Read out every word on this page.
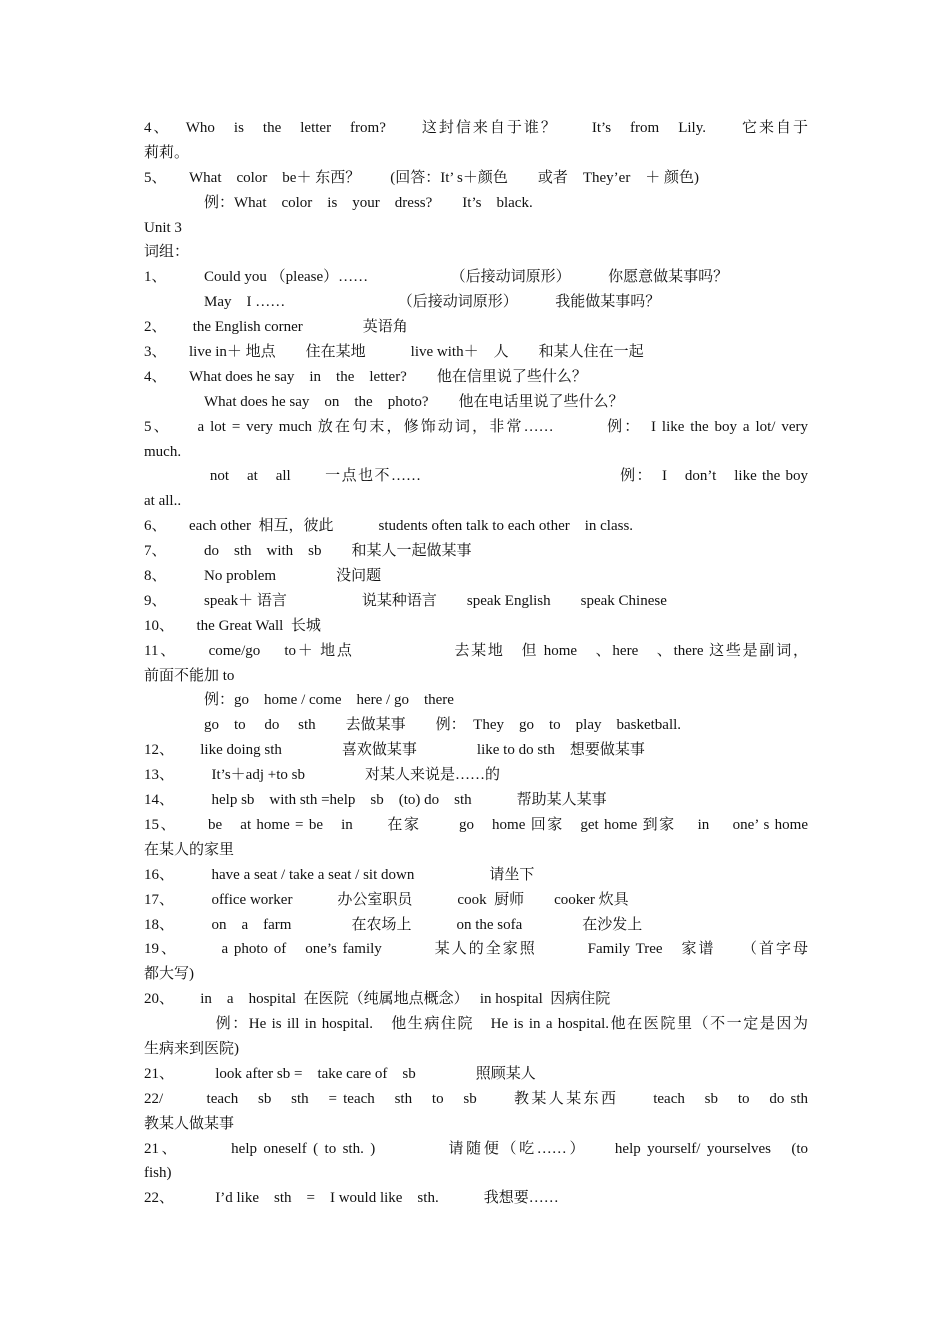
4、　 Who　is　the　letter　from?　　这封信来自于谁？　　It’s　from　Lily.　　它来自于
莉莉。
5、　　What　color　be＋ 东西？　　(回答：It’ s＋颜色　　或者　They’er　＋ 颜色)
　　　　例：What　color　is　your　dress?　　It’s　black.
Unit 3
词组：
1、　　　Could you （please）……　　　　　　（后接动词原形）　　　你愿意做某事吗？
　　　　May　I ……　　　　　　　　（后接动词原形）　　　我能做某事吗？
2、　　 the English corner　　　　英语角
3、　　live in＋ 地点　　住在某地　　　live with＋　人　　和某人住在一起
4、　　What does he say　in　the　letter?　　他在信里说了些什么？
　　　　What does he say　on　the　photo?　　他在电话里说了些什么？
5、　　a lot = very much 放在句末，修饰动词，非常……　　　例：　I like the boy a lot/ very
much.
　　　　not　at　all　　一点也不……　　　　　　　　　　　　例：　I　don’t　like the boy
at all..
6、　　each other  相互，彼此　　　students often talk to each other　in class.
7、　　　do　sth　with　sb　　和某人一起做某事
8、　　　No problem　　　　没问题
9、　　　speak＋ 语言　　　　　说某种语言　　speak English　　speak Chinese
10、　　the Great Wall  长城
11、　　 come/go　 to＋ 地点　　　　　　去某地　但 home　、here　、there 这些是副词，
前面不能加 to
　　　　例：go　home / come　here / go　there
　　　　go　to　 do　 sth　　去做某事　　例：　They　go　to　play　basketball.
12、　　 like doing sth　　　　喜欢做某事　　　　like to do sth　想要做某事
13、　　　It’s＋adj +to sb　　　　对某人来说是……的
14、　　　help sb　with sth =help　sb　(to) do　sth　　　帮助某人某事
15、　　 be　at home = be　in　　在家　　 go　home 回家　get home 到家　 in　 one’ s home
在某人的家里
16、　　　have a seat / take a seat / sit down　　　　　请坐下
17、　　　office worker　　　办公室职员　　　cook  厨师　　cooker 炊具
18、　　　on　a　farm　　　　在农场上　　　on the sofa　　　　在沙发上
19、　　　a photo of　one’s family　　　某人的全家照　　　Family Tree　家谱　　（首字母
都大写)
20、　　 in　a　hospital  在医院（纯属地点概念）　 in hospital  因病住院
　　　　 例：He is ill in hospital.　他生病住院　He is in a hospital.他在医院里（不一定是因为
生病来到医院)
21、　　　 look after sb =　take care of　sb　　　　照顾某人
22/　　 teach　sb　sth　= teach　sth　to　sb　　教某人某东西　　teach　sb　to　do sth
教某人做某事
21、　　　 help oneself ( to sth. )　　　　请随便（吃……）　　help yourself/ yourselves　(to
fish)
22、　　　 I’d like　sth　=　I would like　sth.　　　我想要……
